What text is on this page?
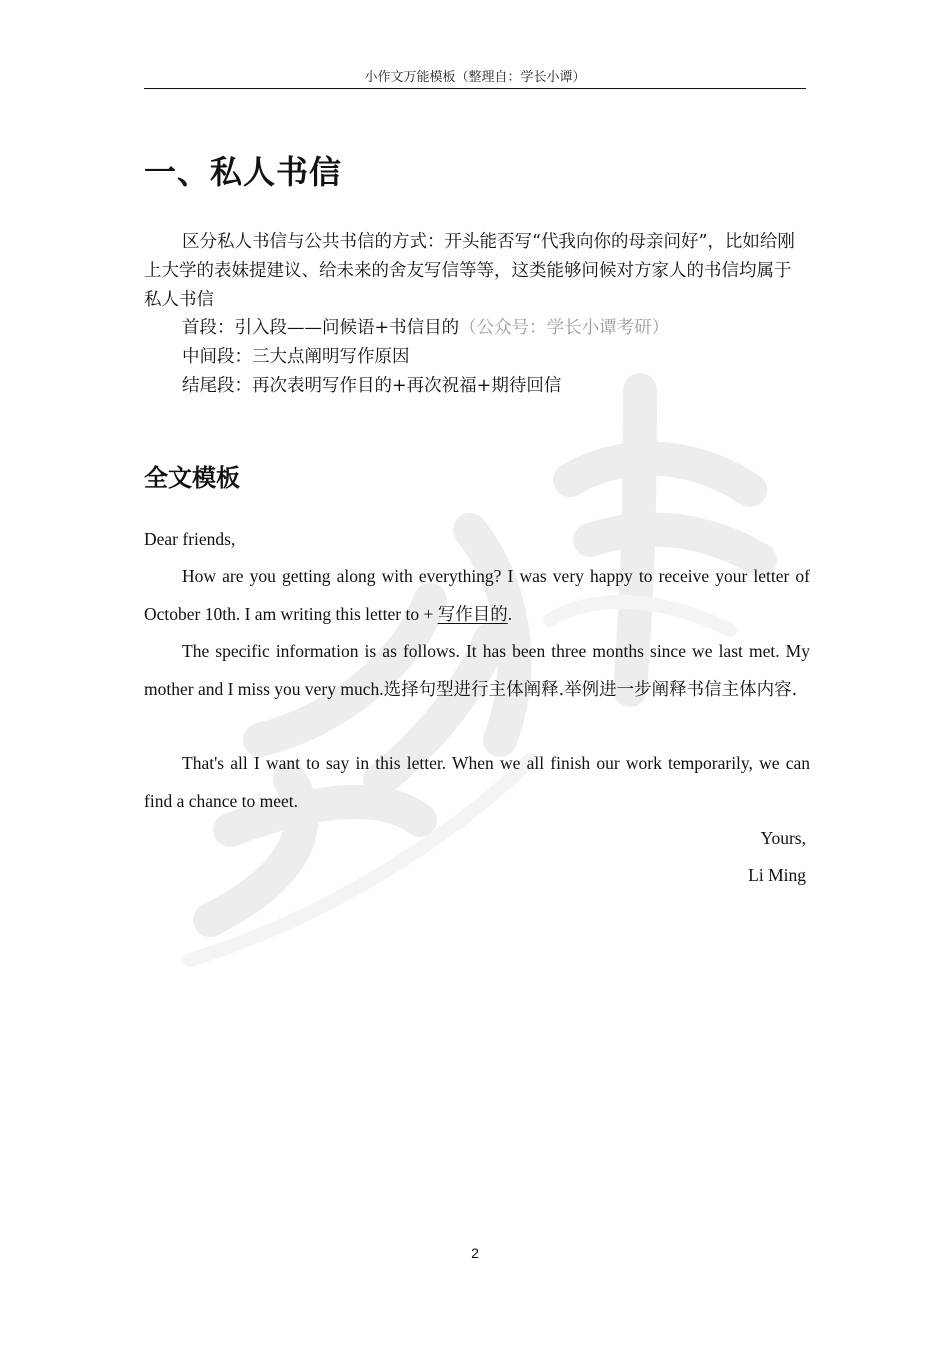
小作文万能模板（整理自：学长小谭）
一、私人书信

区分私人书信与公共书信的方式：开头能否写“代我向你的母亲问好”，比如给刚上大学的表妹提建议、给未来的舍友写信等等，这类能够问候对方家人的书信均属于私人书信

首段：引入段——问候语+书信目的（公众号：学长小谭考研）

中间段：三大点阐明写作原因

结尾段：再次表明写作目的+再次祝福+期待回信

全文模板

Dear friends,

How are you getting along with everything? I was very happy to receive your letter of October 10th. I am writing this letter to + 写作目的.

The specific information is as follows. It has been three months since we last met. My mother and I miss you very much.选择句型进行主体阐释.举例进一步阐释书信主体内容.

That's all I want to say in this letter. When we all finish our work temporarily, we can find a chance to meet.

Yours,

Li Ming

2
